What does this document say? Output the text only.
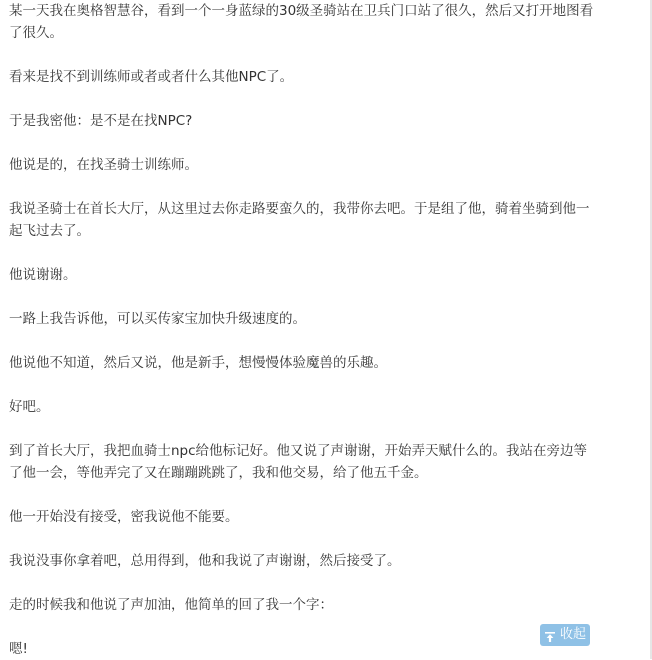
某一天我在奥格智慧谷，看到一个一身蓝绿的30级圣骑站在卫兵门口站了很久，然后又打开地图看了很久。

看来是找不到训练师或者或者什么其他NPC了。

于是我密他：是不是在找NPC?

他说是的，在找圣骑士训练师。

我说圣骑士在首长大厅，从这里过去你走路要蛮久的，我带你去吧。于是组了他，骑着坐骑到他一起飞过去了。

他说谢谢。

一路上我告诉他，可以买传家宝加快升级速度的。

他说他不知道，然后又说，他是新手，想慢慢体验魔兽的乐趣。

好吧。

到了首长大厅，我把血骑士npc给他标记好。他又说了声谢谢，开始弄天赋什么的。我站在旁边等了他一会，等他弄完了又在蹦蹦跳跳了，我和他交易，给了他五千金。

他一开始没有接受，密我说他不能要。

我说没事你拿着吧，总用得到，他和我说了声谢谢，然后接受了。

走的时候我和他说了声加油，他简单的回了我一个字：

嗯!

收起
